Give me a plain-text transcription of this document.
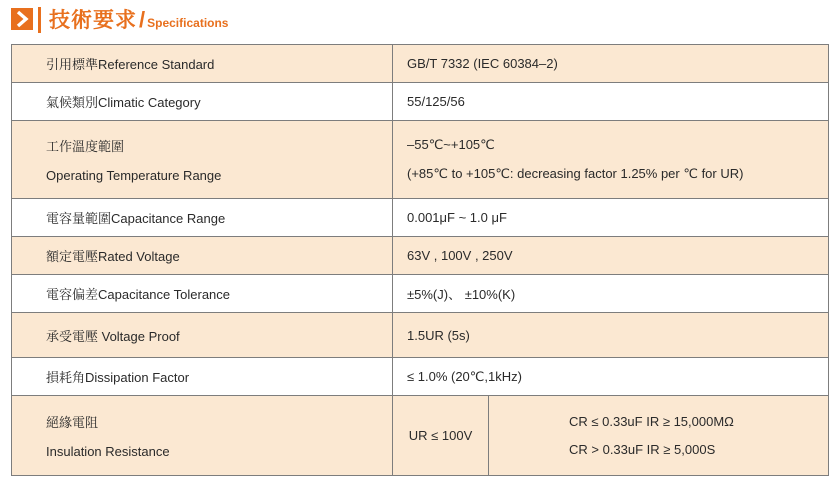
技術要求/ Specifications
引用標準Reference Standard	GB/T 7332 (IEC 60384–2)	
氣候類別Climatic Category	55/125/56	

工作溫度範圍
Operating Temperature Range	–55℃~+105℃
(+85℃ to +105℃: decreasing factor 1.25% per ℃ for UR)	

電容量範圍Capacitance Range	0.001μF ~ 1.0 μF	
額定電壓Rated Voltage	63V , 100V , 250V	
電容偏差Capacitance Tolerance	±5%(J)、 ±10%(K)	
承受電壓 Voltage Proof	1.5UR (5s)	
損耗角Dissipation Factor	≤ 1.0% (20℃,1kHz)	

絕緣電阻
Insulation Resistance	UR ≤ 100V	CR ≤ 0.33uF IR ≥ 15,000MΩ
CR > 0.33uF IR ≥ 5,000S
